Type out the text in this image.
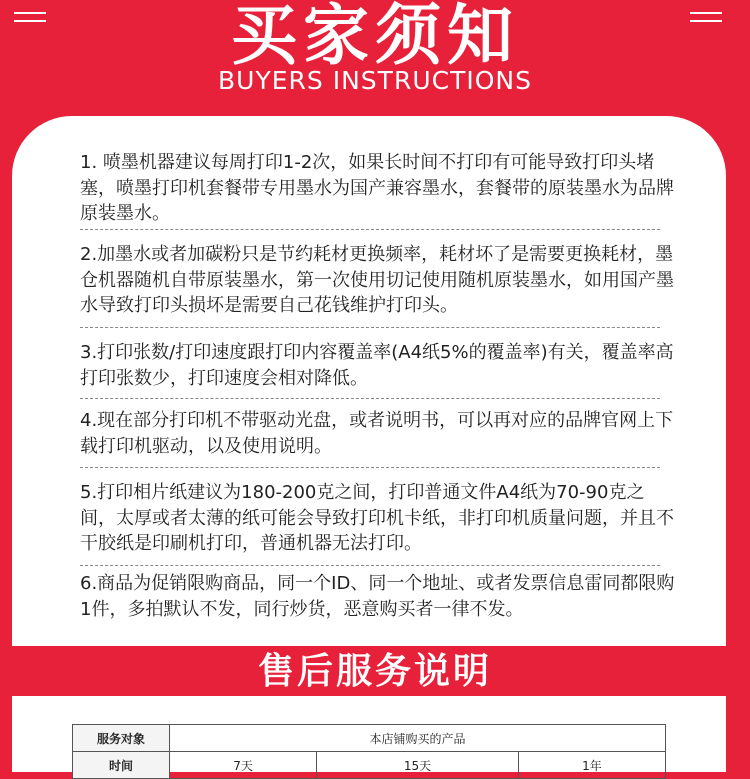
买家须知
BUYERS INSTRUCTIONS

1. 喷墨机器建议每周打印1-2次，如果长时间不打印有可能导致打印头堵塞，喷墨打印机套餐带专用墨水为国产兼容墨水，套餐带的原装墨水为品牌原装墨水。

2.加墨水或者加碳粉只是节约耗材更换频率，耗材坏了是需要更换耗材，墨仓机器随机自带原装墨水，第一次使用切记使用随机原装墨水，如用国产墨水导致打印头损坏是需要自己花钱维护打印头。

3.打印张数/打印速度跟打印内容覆盖率(A4纸5%的覆盖率)有关，覆盖率高打印张数少，打印速度会相对降低。

4.现在部分打印机不带驱动光盘，或者说明书，可以再对应的品牌官网上下载打印机驱动，以及使用说明。

5.打印相片纸建议为180-200克之间，打印普通文件A4纸为70-90克之间，太厚或者太薄的纸可能会导致打印机卡纸，非打印机质量问题，并且不干胶纸是印刷机打印，普通机器无法打印。

6.商品为促销限购商品，同一个ID、同一个地址、或者发票信息雷同都限购1件，多拍默认不发，同行炒货，恶意购买者一律不发。

售后服务说明
服务对象	本店铺购买的产品		
时间	7天	15天	1年
